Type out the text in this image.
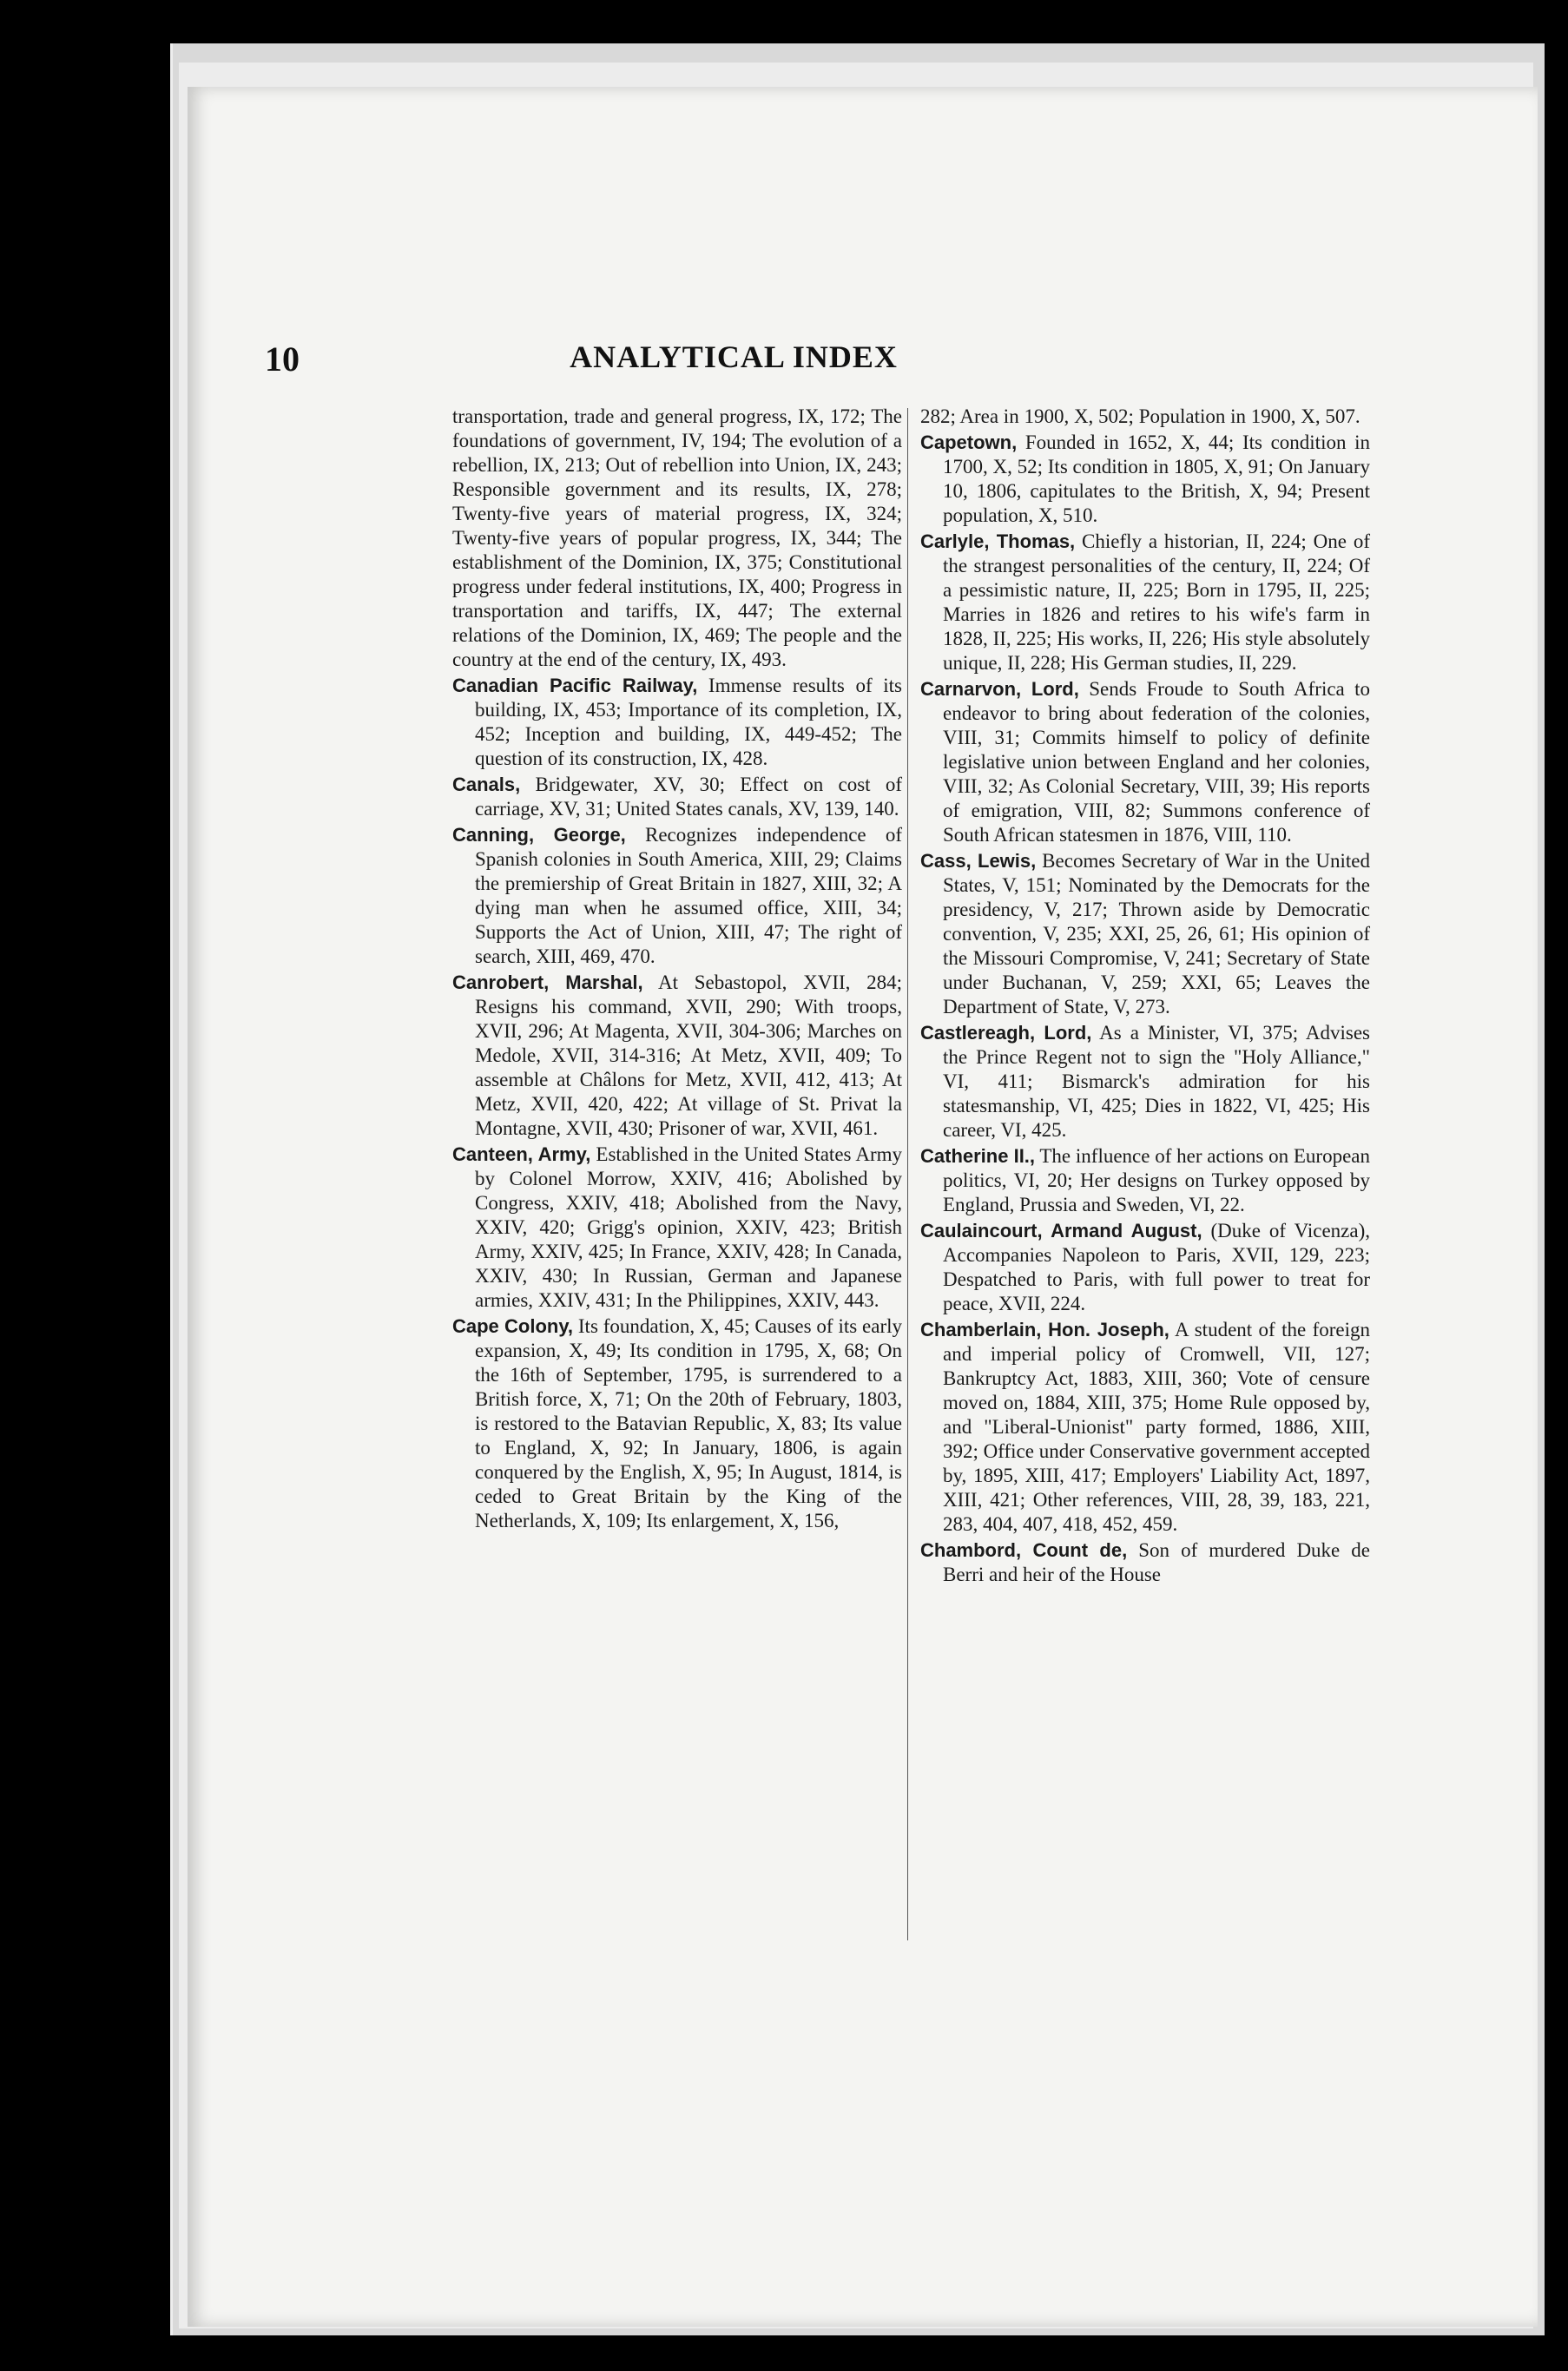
10	ANALYTICAL INDEX

transportation, trade and general progress, IX, 172; The foundations of government, IV, 194; The evolution of a rebellion, IX, 213; Out of rebellion into Union, IX, 243; Responsible government and its results, IX, 278; Twenty-five years of material progress, IX, 324; Twenty-five years of popular progress, IX, 344; The establishment of the Dominion, IX, 375; Constitutional progress under federal institutions, IX, 400; Progress in transportation and tariffs, IX, 447; The external relations of the Dominion, IX, 469; The people and the country at the end of the century, IX, 493.

Canadian Pacific Railway, Immense results of its building, IX, 453; Importance of its completion, IX, 452; Inception and building, IX, 449-452; The question of its construction, IX, 428.

Canals, Bridgewater, XV, 30; Effect on cost of carriage, XV, 31; United States canals, XV, 139, 140.

Canning, George, Recognizes independence of Spanish colonies in South America, XIII, 29; Claims the premiership of Great Britain in 1827, XIII, 32; A dying man when he assumed office, XIII, 34; Supports the Act of Union, XIII, 47; The right of search, XIII, 469, 470.

Canrobert, Marshal, At Sebastopol, XVII, 284; Resigns his command, XVII, 290; With troops, XVII, 296; At Magenta, XVII, 304-306; Marches on Medole, XVII, 314-316; At Metz, XVII, 409; To assemble at Châlons for Metz, XVII, 412, 413; At Metz, XVII, 420, 422; At village of St. Privat la Montagne, XVII, 430; Prisoner of war, XVII, 461.

Canteen, Army, Established in the United States Army by Colonel Morrow, XXIV, 416; Abolished by Congress, XXIV, 418; Abolished from the Navy, XXIV, 420; Grigg's opinion, XXIV, 423; British Army, XXIV, 425; In France, XXIV, 428; In Canada, XXIV, 430; In Russian, German and Japanese armies, XXIV, 431; In the Philippines, XXIV, 443.

Cape Colony, Its foundation, X, 45; Causes of its early expansion, X, 49; Its condition in 1795, X, 68; On the 16th of September, 1795, is surrendered to a British force, X, 71; On the 20th of February, 1803, is restored to the Batavian Republic, X, 83; Its value to England, X, 92; In January, 1806, is again conquered by the English, X, 95; In August, 1814, is ceded to Great Britain by the King of the Netherlands, X, 109; Its enlargement, X, 156,

282; Area in 1900, X, 502; Population in 1900, X, 507.

Capetown, Founded in 1652, X, 44; Its condition in 1700, X, 52; Its condition in 1805, X, 91; On January 10, 1806, capitulates to the British, X, 94; Present population, X, 510.

Carlyle, Thomas, Chiefly a historian, II, 224; One of the strangest personalities of the century, II, 224; Of a pessimistic nature, II, 225; Born in 1795, II, 225; Marries in 1826 and retires to his wife's farm in 1828, II, 225; His works, II, 226; His style absolutely unique, II, 228; His German studies, II, 229.

Carnarvon, Lord, Sends Froude to South Africa to endeavor to bring about federation of the colonies, VIII, 31; Commits himself to policy of definite legislative union between England and her colonies, VIII, 32; As Colonial Secretary, VIII, 39; His reports of emigration, VIII, 82; Summons conference of South African statesmen in 1876, VIII, 110.

Cass, Lewis, Becomes Secretary of War in the United States, V, 151; Nominated by the Democrats for the presidency, V, 217; Thrown aside by Democratic convention, V, 235; XXI, 25, 26, 61; His opinion of the Missouri Compromise, V, 241; Secretary of State under Buchanan, V, 259; XXI, 65; Leaves the Department of State, V, 273.

Castlereagh, Lord, As a Minister, VI, 375; Advises the Prince Regent not to sign the "Holy Alliance," VI, 411; Bismarck's admiration for his statesmanship, VI, 425; Dies in 1822, VI, 425; His career, VI, 425.

Catherine II., The influence of her actions on European politics, VI, 20; Her designs on Turkey opposed by England, Prussia and Sweden, VI, 22.

Caulaincourt, Armand August, (Duke of Vicenza), Accompanies Napoleon to Paris, XVII, 129, 223; Despatched to Paris, with full power to treat for peace, XVII, 224.

Chamberlain, Hon. Joseph, A student of the foreign and imperial policy of Cromwell, VII, 127; Bankruptcy Act, 1883, XIII, 360; Vote of censure moved on, 1884, XIII, 375; Home Rule opposed by, and "Liberal-Unionist" party formed, 1886, XIII, 392; Office under Conservative government accepted by, 1895, XIII, 417; Employers' Liability Act, 1897, XIII, 421; Other references, VIII, 28, 39, 183, 221, 283, 404, 407, 418, 452, 459.

Chambord, Count de, Son of murdered Duke de Berri and heir of the House
